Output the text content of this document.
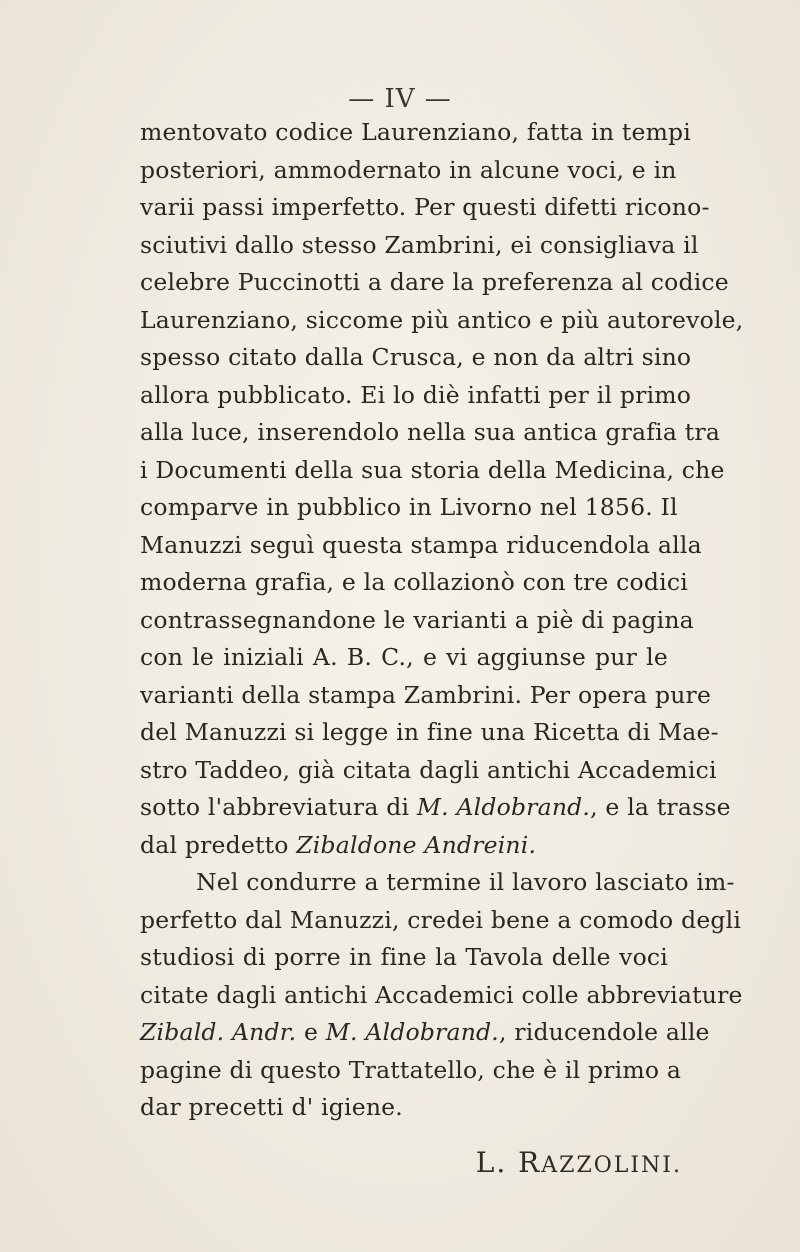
— IV —
mentovato codice Laurenziano, fatta in tempi
posteriori, ammodernato in alcune voci, e in
varii passi imperfetto. Per questi difetti ricono-
sciutivi dallo stesso Zambrini, ei consigliava il
celebre Puccinotti a dare la preferenza al codice
Laurenziano, siccome più antico e più autorevole,
spesso citato dalla Crusca, e non da altri sino
allora pubblicato. Ei lo diè infatti per il primo
alla luce, inserendolo nella sua antica grafia tra
i Documenti della sua storia della Medicina, che
comparve in pubblico in Livorno nel 1856. Il
Manuzzi seguì questa stampa riducendola alla
moderna grafia, e la collazionò con tre codici
contrassegnandone le varianti a piè di pagina
con le iniziali A. B. C., e vi aggiunse pur le
varianti della stampa Zambrini. Per opera pure
del Manuzzi si legge in fine una Ricetta di Mae-
stro Taddeo, già citata dagli antichi Accademici
sotto l'abbreviatura di M. Aldobrand., e la trasse
dal predetto Zibaldone Andreini.
Nel condurre a termine il lavoro lasciato im-
perfetto dal Manuzzi, credei bene a comodo degli
studiosi di porre in fine la Tavola delle voci
citate dagli antichi Accademici colle abbreviature
Zibald. Andr. e M. Aldobrand., riducendole alle
pagine di questo Trattatello, che è il primo a
dar precetti d' igiene.
L. RAZZOLINI.
